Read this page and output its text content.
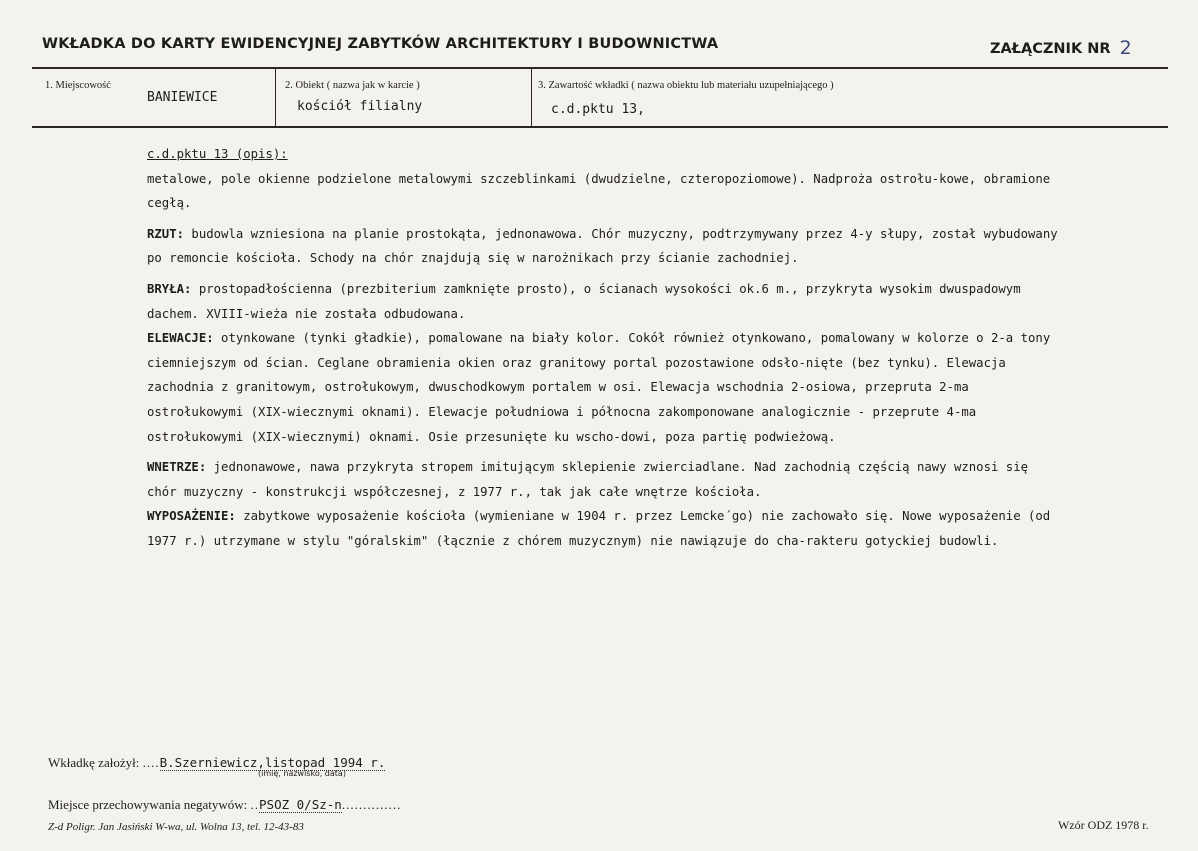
WKŁADKA DO KARTY EWIDENCYJNEJ ZABYTKÓW ARCHITEKTURY I BUDOWNICTWA	ZAŁĄCZNIK NR 2
1. Miejscowość
BANIEWICE
2. Obiekt ( nazwa jak w karcie )
kościół filialny
3. Zawartość wkładki ( nazwa obiektu lub materiału uzupełniającego )
c.d.pktu 13,

c.d.pktu 13 (opis):

metalowe, pole okienne podzielone metalowymi szczeblinkami (dwudzielne, czteropoziomowe). Nadproża ostrołu-kowe, obramione cegłą.

RZUT: budowla wzniesiona na planie prostokąta, jednonawowa. Chór muzyczny, podtrzymywany przez 4-y słupy, został wybudowany po remoncie kościoła. Schody na chór znajdują się w narożnikach przy ścianie zachodniej.

BRYŁA: prostopadłościenna (prezbiterium zamknięte prosto), o ścianach wysokości ok.6 m., przykryta wysokim dwuspadowym dachem. XVIII-wieża nie została odbudowana.

ELEWACJE: otynkowane (tynki gładkie), pomalowane na biały kolor. Cokół również otynkowano, pomalowany w kolorze o 2-a tony ciemniejszym od ścian. Ceglane obramienia okien oraz granitowy portal pozostawione odsło-nięte (bez tynku). Elewacja zachodnia z granitowym, ostrołukowym, dwuschodkowym portalem w osi. Elewacja wschodnia 2-osiowa, przepruta 2-ma ostrołukowymi (XIX-wiecznymi oknami). Elewacje południowa i północna zakomponowane analogicznie - przeprute 4-ma ostrołukowymi (XIX-wiecznymi) oknami. Osie przesunięte ku wscho-dowi, poza partię podwieżową.

WNETRZE: jednonawowe, nawa przykryta stropem imitującym sklepienie zwierciadlane. Nad zachodnią częścią nawy wznosi się chór muzyczny - konstrukcji współczesnej, z 1977 r., tak jak całe wnętrze kościoła.

WYPOSAŻENIE: zabytkowe wyposażenie kościoła (wymieniane w 1904 r. przez Lemcke´go) nie zachowało się. Nowe wyposażenie (od 1977 r.) utrzymane w stylu "góralskim" (łącznie z chórem muzycznym) nie nawiązuje do cha-rakteru gotyckiej budowli.

Wkładkę założył: ....B.Szerniewicz,listopad 1994 r.
(imię, nazwisko, data)
Miejsce przechowywania negatywów: ..PSOZ 0/Sz-n..............
Z-d Poligr. Jan Jasiński W-wa, ul. Wolna 13, tel. 12-43-83	Wzór ODZ 1978 r.
